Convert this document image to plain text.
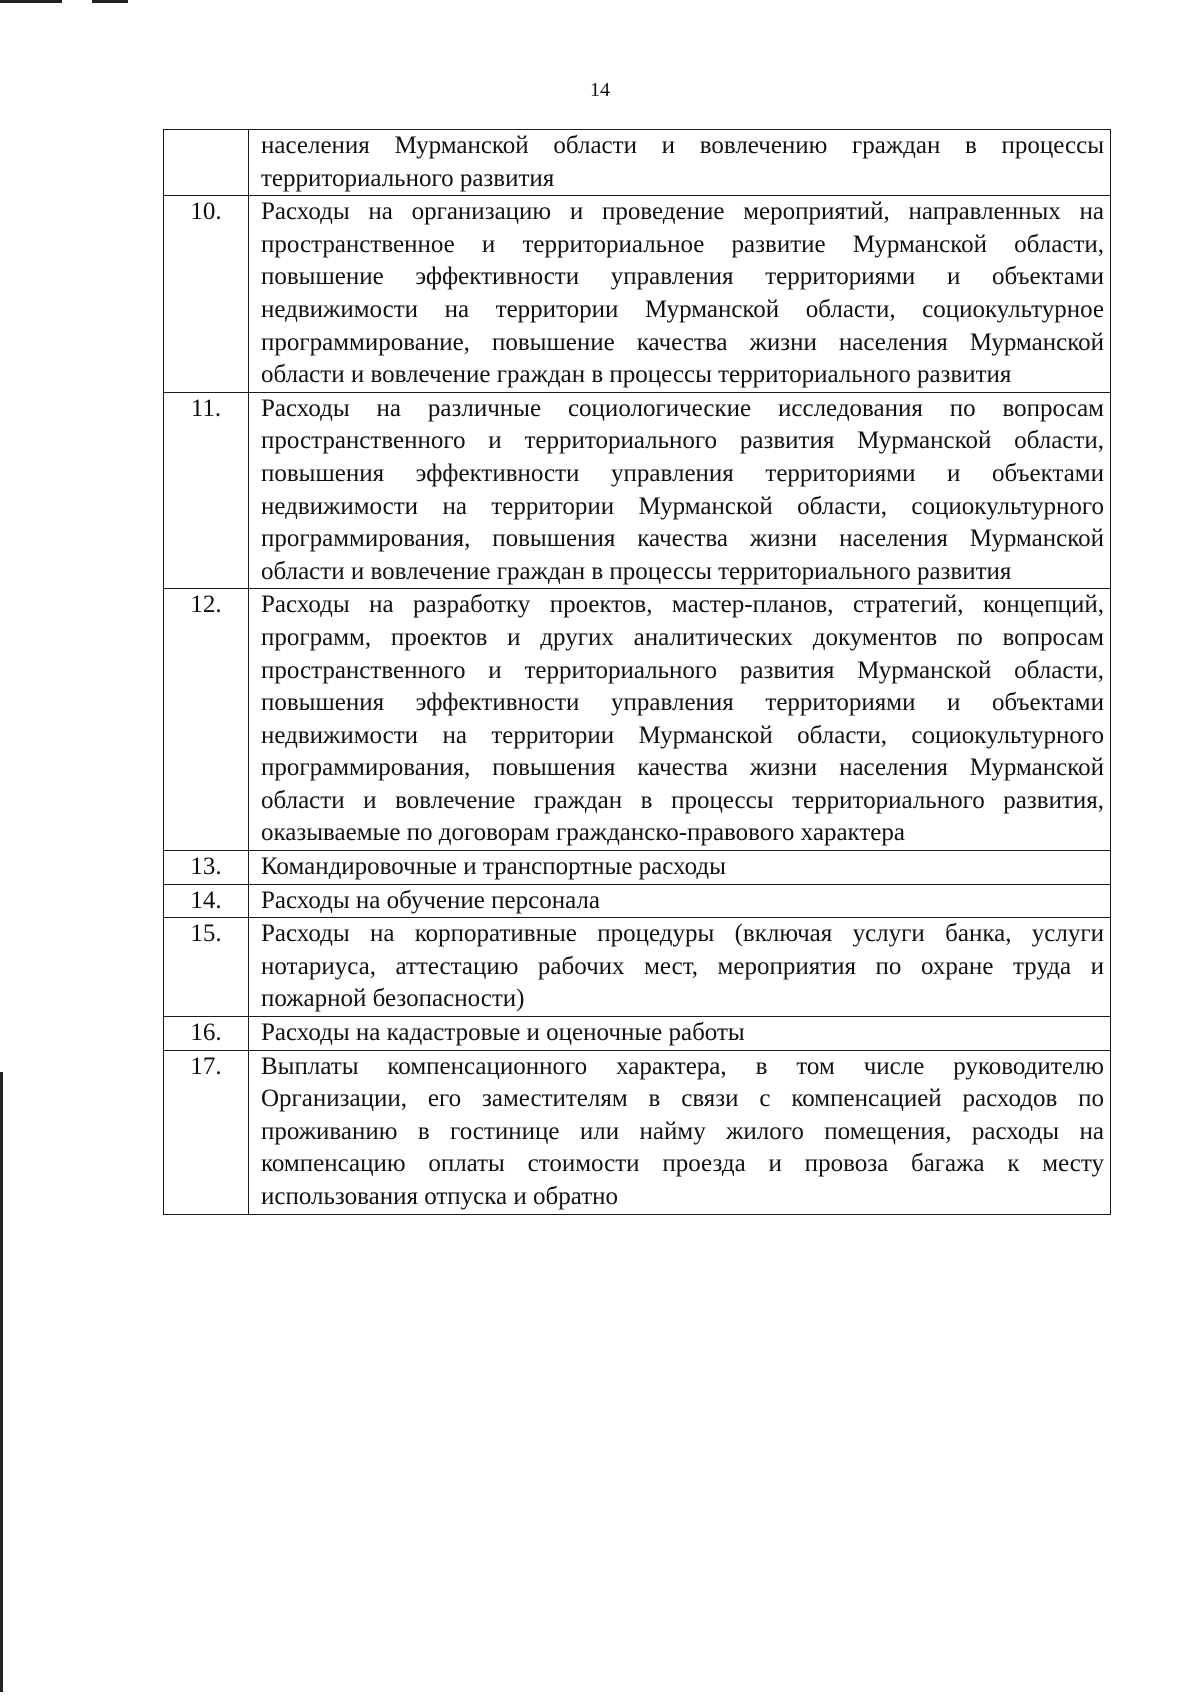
14
	населения Мурманской области и вовлечению граждан в процессы территориального развития
10.	Расходы на организацию и проведение мероприятий, направленных на пространственное и территориальное развитие Мурманской области, повышение эффективности управления территориями и объектами недвижимости на территории Мурманской области, социокультурное программирование, повышение качества жизни населения Мурманской области и вовлечение граждан в процессы территориального развития
11.	Расходы на различные социологические исследования по вопросам пространственного и территориального развития Мурманской области, повышения эффективности управления территориями и объектами недвижимости на территории Мурманской области, социокультурного программирования, повышения качества жизни населения Мурманской области и вовлечение граждан в процессы территориального развития
12.	Расходы на разработку проектов, мастер-планов, стратегий, концепций, программ, проектов и других аналитических документов по вопросам пространственного и территориального развития Мурманской области, повышения эффективности управления территориями и объектами недвижимости на территории Мурманской области, социокультурного программирования, повышения качества жизни населения Мурманской области и вовлечение граждан в процессы территориального развития, оказываемые по договорам гражданско-правового характера
13.	Командировочные и транспортные расходы
14.	Расходы на обучение персонала
15.	Расходы на корпоративные процедуры (включая услуги банка, услуги нотариуса, аттестацию рабочих мест, мероприятия по охране труда и пожарной безопасности)
16.	Расходы на кадастровые и оценочные работы
17.	Выплаты компенсационного характера, в том числе руководителю Организации, его заместителям в связи с компенсацией расходов по проживанию в гостинице или найму жилого помещения, расходы на компенсацию оплаты стоимости проезда и провоза багажа к месту использования отпуска и обратно
